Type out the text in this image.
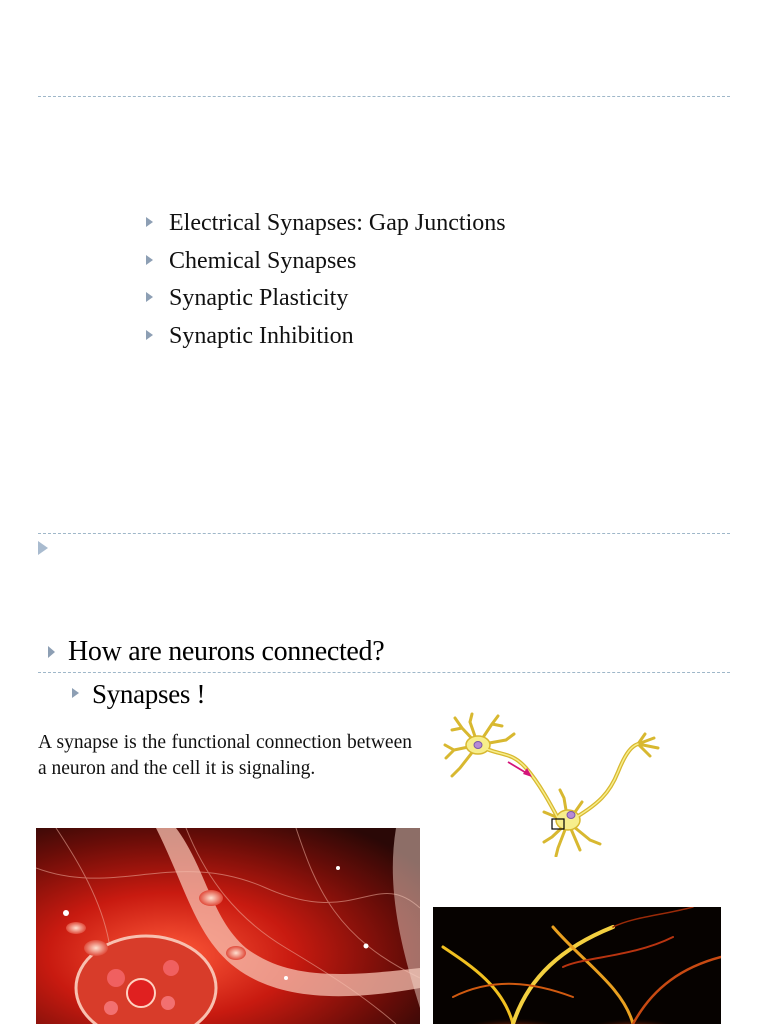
Electrical Synapses: Gap Junctions
Chemical Synapses
Synaptic Plasticity
Synaptic Inhibition
How are neurons connected?
Synapses !
A synapse is the functional connection between a neuron and the cell it is signaling.
